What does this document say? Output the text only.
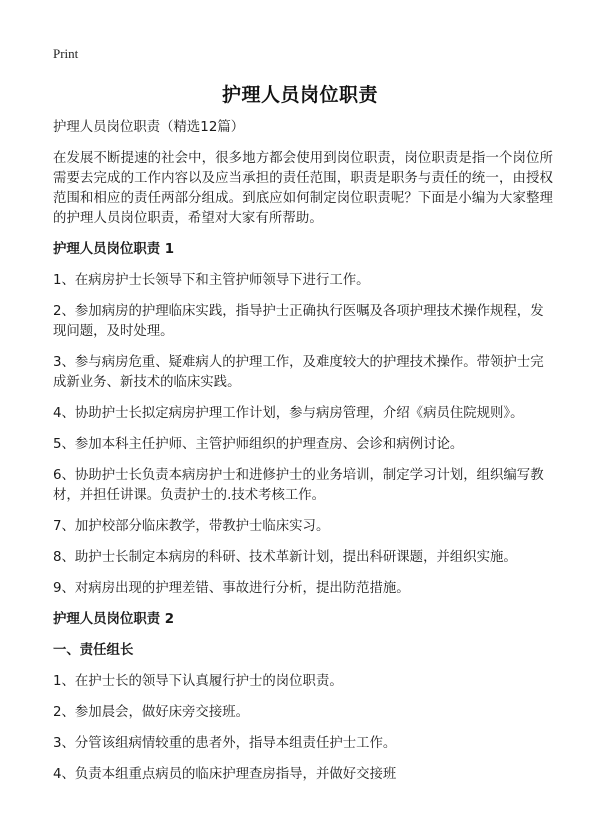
Print
护理人员岗位职责

护理人员岗位职责（精选12篇）

在发展不断提速的社会中，很多地方都会使用到岗位职责，岗位职责是指一个岗位所需要去完成的工作内容以及应当承担的责任范围，职责是职务与责任的统一，由授权范围和相应的责任两部分组成。到底应如何制定岗位职责呢？下面是小编为大家整理的护理人员岗位职责，希望对大家有所帮助。

护理人员岗位职责 1

1、在病房护士长领导下和主管护师领导下进行工作。

2、参加病房的护理临床实践，指导护士正确执行医嘱及各项护理技术操作规程，发现问题，及时处理。

3、参与病房危重、疑难病人的护理工作，及难度较大的护理技术操作。带领护士完成新业务、新技术的临床实践。

4、协助护士长拟定病房护理工作计划，参与病房管理，介绍《病员住院规则》。

5、参加本科主任护师、主管护师组织的护理查房、会诊和病例讨论。

6、协助护士长负责本病房护士和进修护士的业务培训，制定学习计划，组织编写教材，并担任讲课。负责护士的.技术考核工作。

7、加护校部分临床教学，带教护士临床实习。

8、助护士长制定本病房的科研、技术革新计划，提出科研课题，并组织实施。

9、对病房出现的护理差错、事故进行分析，提出防范措施。

护理人员岗位职责 2

一、责任组长

1、在护士长的领导下认真履行护士的岗位职责。

2、参加晨会，做好床旁交接班。

3、分管该组病情较重的患者外，指导本组责任护士工作。

4、负责本组重点病员的临床护理查房指导，并做好交接班
